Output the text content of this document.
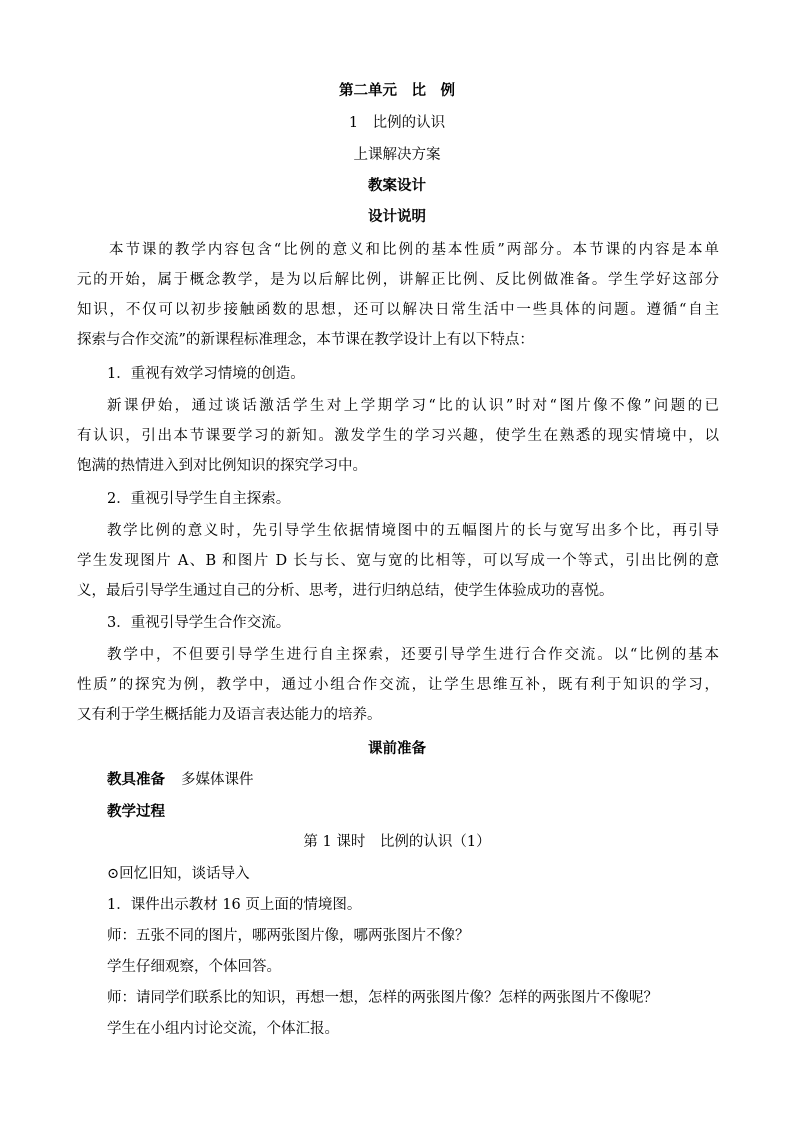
第二单元　比　例
1　比例的认识
上课解决方案
教案设计
设计说明
本节课的教学内容包含“比例的意义和比例的基本性质”两部分。本节课的内容是本单
元的开始，属于概念教学，是为以后解比例，讲解正比例、反比例做准备。学生学好这部分
知识，不仅可以初步接触函数的思想，还可以解决日常生活中一些具体的问题。遵循“自主
探索与合作交流”的新课程标准理念，本节课在教学设计上有以下特点：
1．重视有效学习情境的创造。
新课伊始，通过谈话激活学生对上学期学习“比的认识”时对“图片像不像”问题的已
有认识，引出本节课要学习的新知。激发学生的学习兴趣，使学生在熟悉的现实情境中，以
饱满的热情进入到对比例知识的探究学习中。
2．重视引导学生自主探索。
教学比例的意义时，先引导学生依据情境图中的五幅图片的长与宽写出多个比，再引导
学生发现图片 A、B 和图片 D 长与长、宽与宽的比相等，可以写成一个等式，引出比例的意
义，最后引导学生通过自己的分析、思考，进行归纳总结，使学生体验成功的喜悦。
3．重视引导学生合作交流。
教学中，不但要引导学生进行自主探索，还要引导学生进行合作交流。以“比例的基本
性质”的探究为例，教学中，通过小组合作交流，让学生思维互补，既有利于知识的学习，
又有利于学生概括能力及语言表达能力的培养。
课前准备
教具准备 多媒体课件
教学过程
第 1 课时　比例的认识（1）
⊙回忆旧知，谈话导入
1．课件出示教材 16 页上面的情境图。
师：五张不同的图片，哪两张图片像，哪两张图片不像？
学生仔细观察，个体回答。
师：请同学们联系比的知识，再想一想，怎样的两张图片像？怎样的两张图片不像呢？
学生在小组内讨论交流，个体汇报。
